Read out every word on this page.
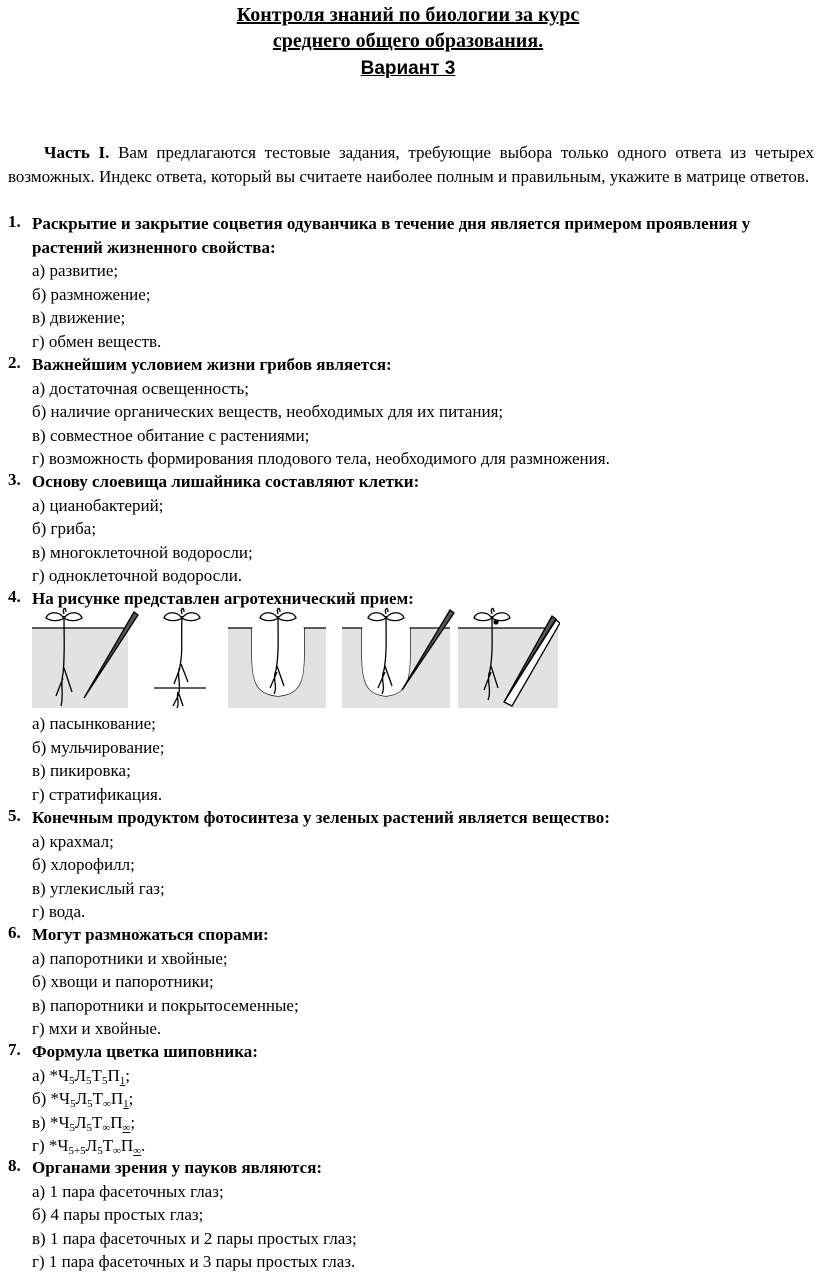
Контроля знаний по биологии за курс
среднего общего образования.
Вариант 3
Часть I. Вам предлагаются тестовые задания, требующие выбора только одного ответа из четырех возможных. Индекс ответа, который вы считаете наиболее полным и правильным, укажите в матрице ответов.
1. Раскрытие и закрытие соцветия одуванчика в течение дня является примером проявления у растений жизненного свойства:
а) развитие;
б) размножение;
в) движение;
г) обмен веществ.
2. Важнейшим условием жизни грибов является:
а) достаточная освещенность;
б) наличие органических веществ, необходимых для их питания;
в) совместное обитание с растениями;
г) возможность формирования плодового тела, необходимого для размножения.
3. Основу слоевища лишайника составляют клетки:
а) цианобактерий;
б) гриба;
в) многоклеточной водоросли;
г) одноклеточной водоросли.
4. На рисунке представлен агротехнический прием:
а) пасынкование;
б) мульчирование;
в) пикировка;
г) стратификация.
5. Конечным продуктом фотосинтеза у зеленых растений является вещество:
а) крахмал;
б) хлорофилл;
в) углекислый газ;
г) вода.
6. Могут размножаться спорами:
а) папоротники и хвойные;
б) хвощи и папоротники;
в) папоротники и покрытосеменные;
г) мхи и хвойные.
7. Формула цветка шиповника:
а) $*Ч_5Л_5Т_5П_1$;
б) $*Ч_5Л_5Т_\infty П_1$;
в) $*Ч_5Л_5Т_\infty П_\infty$;
г) $*Ч_{5+5}Л_5Т_\infty П_\infty$.
8. Органами зрения у пауков являются:
а) 1 пара фасеточных глаз;
б) 4 пары простых глаз;
в) 1 пара фасеточных и 2 пары простых глаз;
г) 1 пара фасеточных и 3 пары простых глаз.
